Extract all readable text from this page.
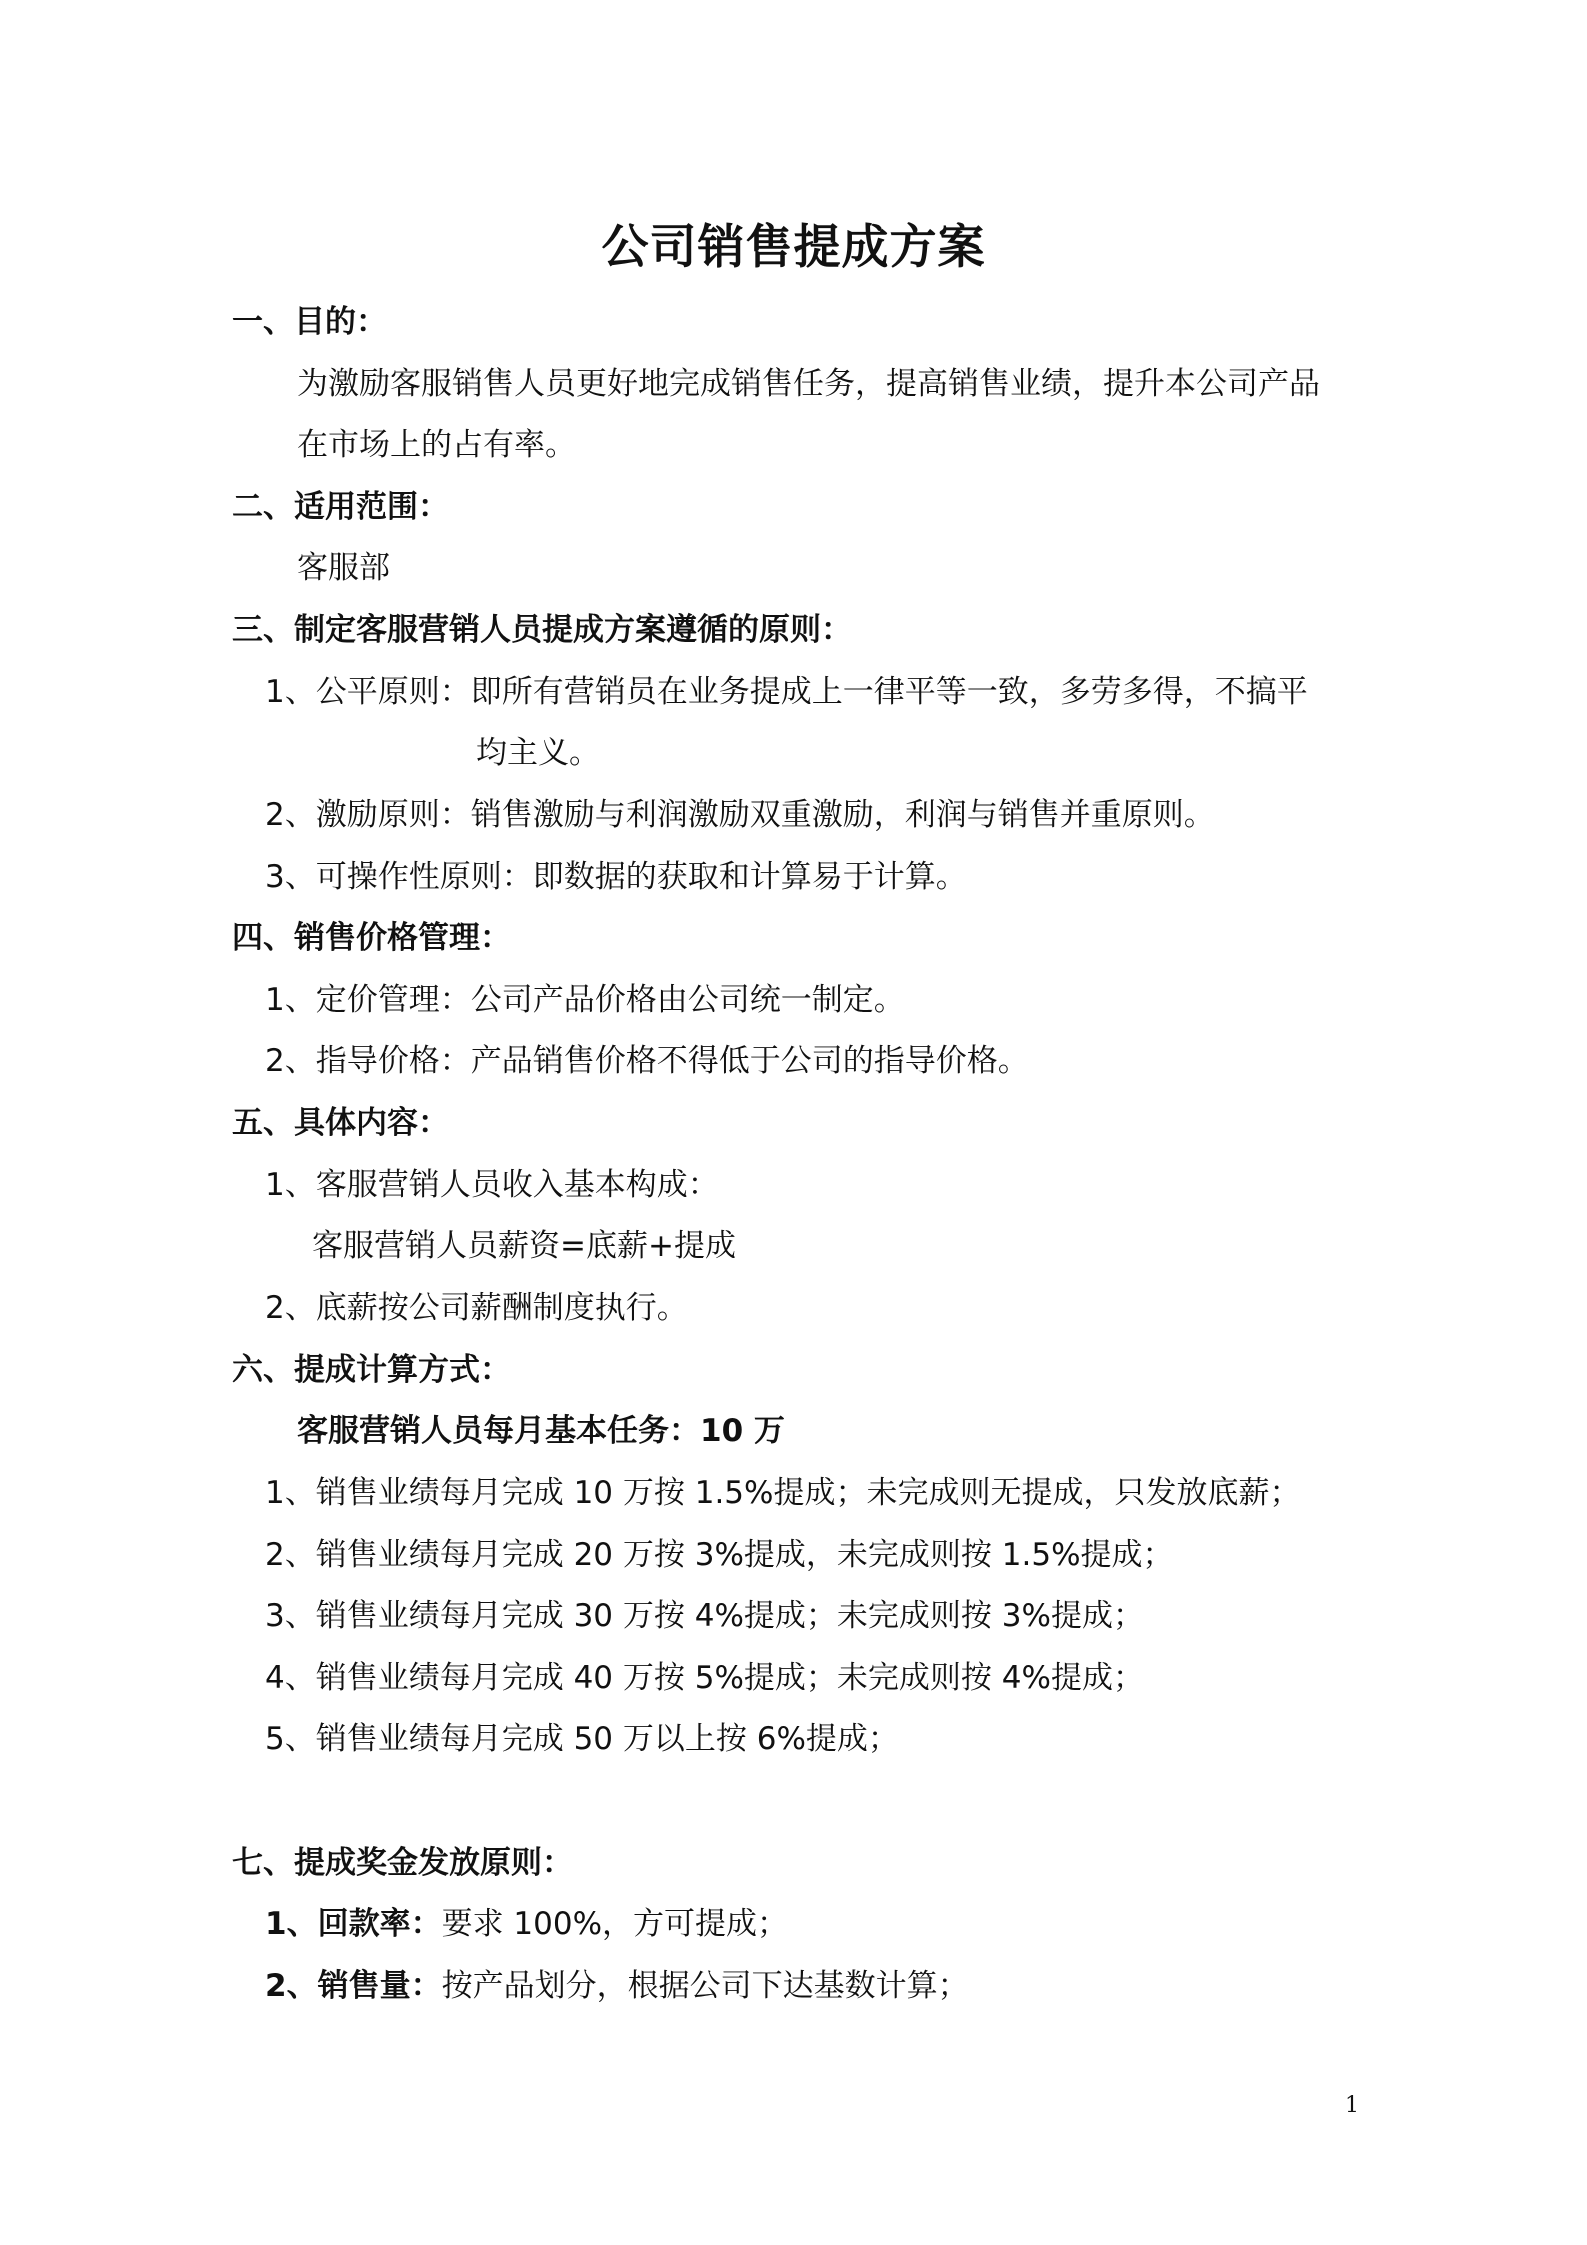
公司销售提成方案
一、目的：
为激励客服销售人员更好地完成销售任务，提高销售业绩，提升本公司产品
在市场上的占有率。
二、适用范围：
客服部
三、制定客服营销人员提成方案遵循的原则：
1、公平原则：即所有营销员在业务提成上一律平等一致，多劳多得，不搞平
均主义。
2、激励原则：销售激励与利润激励双重激励，利润与销售并重原则。
3、可操作性原则：即数据的获取和计算易于计算。
四、销售价格管理：
1、定价管理：公司产品价格由公司统一制定。
2、指导价格：产品销售价格不得低于公司的指导价格。
五、具体内容：
1、客服营销人员收入基本构成：
客服营销人员薪资=底薪+提成
2、底薪按公司薪酬制度执行。
六、提成计算方式：
客服营销人员每月基本任务：10 万
1、销售业绩每月完成 10 万按 1.5%提成；未完成则无提成，只发放底薪；
2、销售业绩每月完成 20 万按 3%提成，未完成则按 1.5%提成；
3、销售业绩每月完成 30 万按 4%提成；未完成则按 3%提成；
4、销售业绩每月完成 40 万按 5%提成；未完成则按 4%提成；
5、销售业绩每月完成 50 万以上按 6%提成；
七、提成奖金发放原则：
1、回款率：要求 100%，方可提成；
2、销售量：按产品划分，根据公司下达基数计算；
1
